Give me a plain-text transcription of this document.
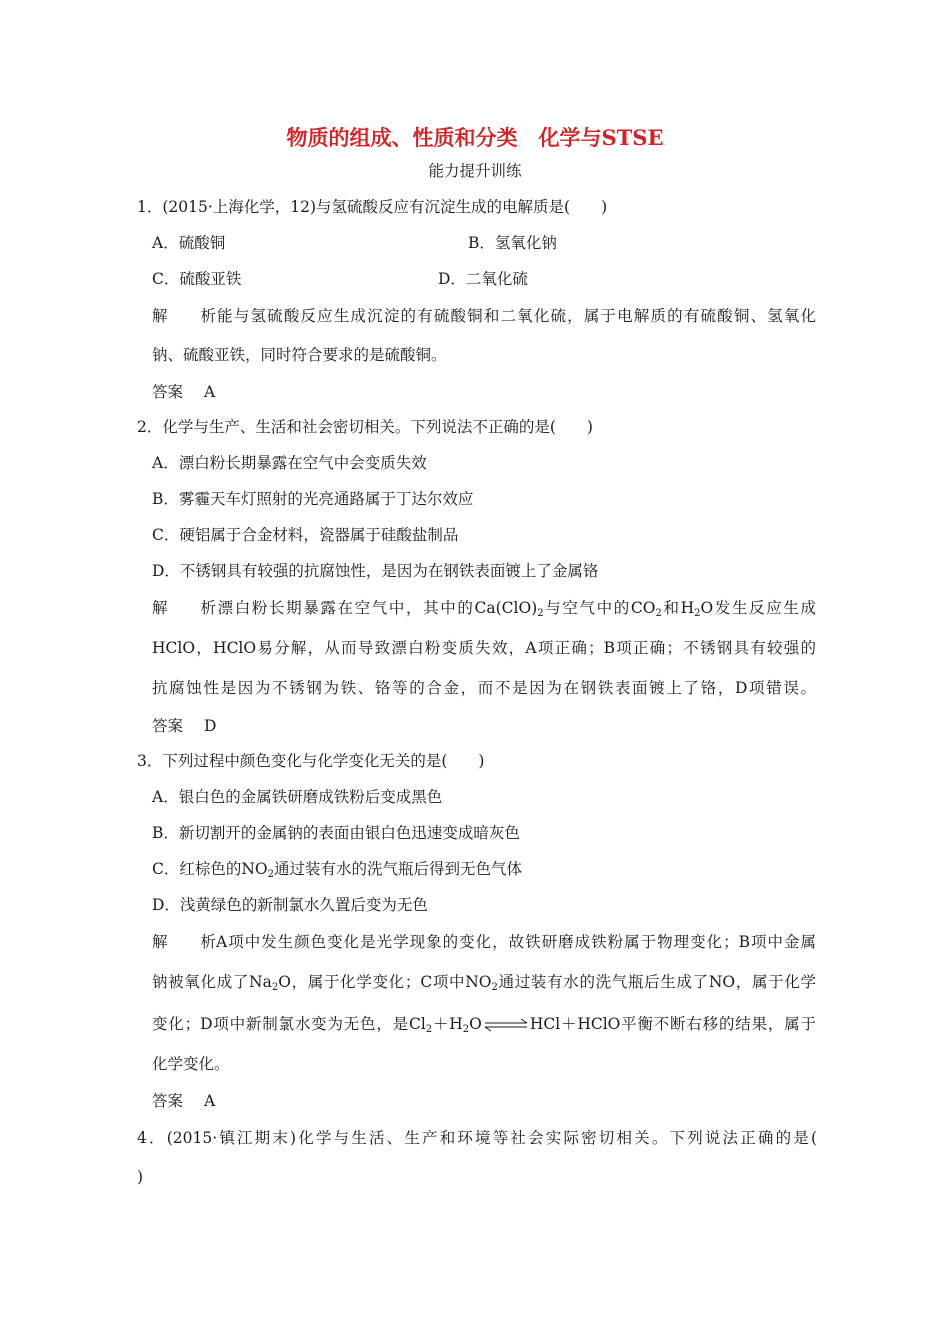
物质的组成、性质和分类　化学与STSE
能力提升训练
1．(2015·上海化学，12)与氢硫酸反应有沉淀生成的电解质是(　　)
A．硫酸铜	B．氢氧化钠
C．硫酸亚铁	D．二氧化硫
解析能与氢硫酸反应生成沉淀的有硫酸铜和二氧化硫，属于电解质的有硫酸铜、氢氧化
钠、硫酸亚铁，同时符合要求的是硫酸铜。
答案 A
2．化学与生产、生活和社会密切相关。下列说法不正确的是(　　)
A．漂白粉长期暴露在空气中会变质失效
B．雾霾天车灯照射的光亮通路属于丁达尔效应
C．硬铝属于合金材料，瓷器属于硅酸盐制品
D．不锈钢具有较强的抗腐蚀性，是因为在钢铁表面镀上了金属铬
解析漂白粉长期暴露在空气中，其中的$Ca(ClO)_2$与空气中的$CO_2$和$H_2O$发生反应生成
HClO，HClO易分解，从而导致漂白粉变质失效，A项正确；B项正确；不锈钢具有较强的
抗腐蚀性是因为不锈钢为铁、铬等的合金，而不是因为在钢铁表面镀上了铬，D项错误。
答案 D
3．下列过程中颜色变化与化学变化无关的是(　　)
A．银白色的金属铁研磨成铁粉后变成黑色
B．新切割开的金属钠的表面由银白色迅速变成暗灰色
C．红棕色的$NO_2$通过装有水的洗气瓶后得到无色气体
D．浅黄绿色的新制氯水久置后变为无色
解析A项中发生颜色变化是光学现象的变化，故铁研磨成铁粉属于物理变化；B项中金属
钠被氧化成了$Na_2O$，属于化学变化；C项中$NO_2$通过装有水的洗气瓶后生成了NO，属于化学
变化；D项中新制氯水变为无色，是$Cl_2+H_2O$	HCl＋HClO平衡不断右移的结果，属于
化学变化。
答案 A
4．(2015·镇江期末)化学与生活、生产和环境等社会实际密切相关。下列说法正确的是(
)
